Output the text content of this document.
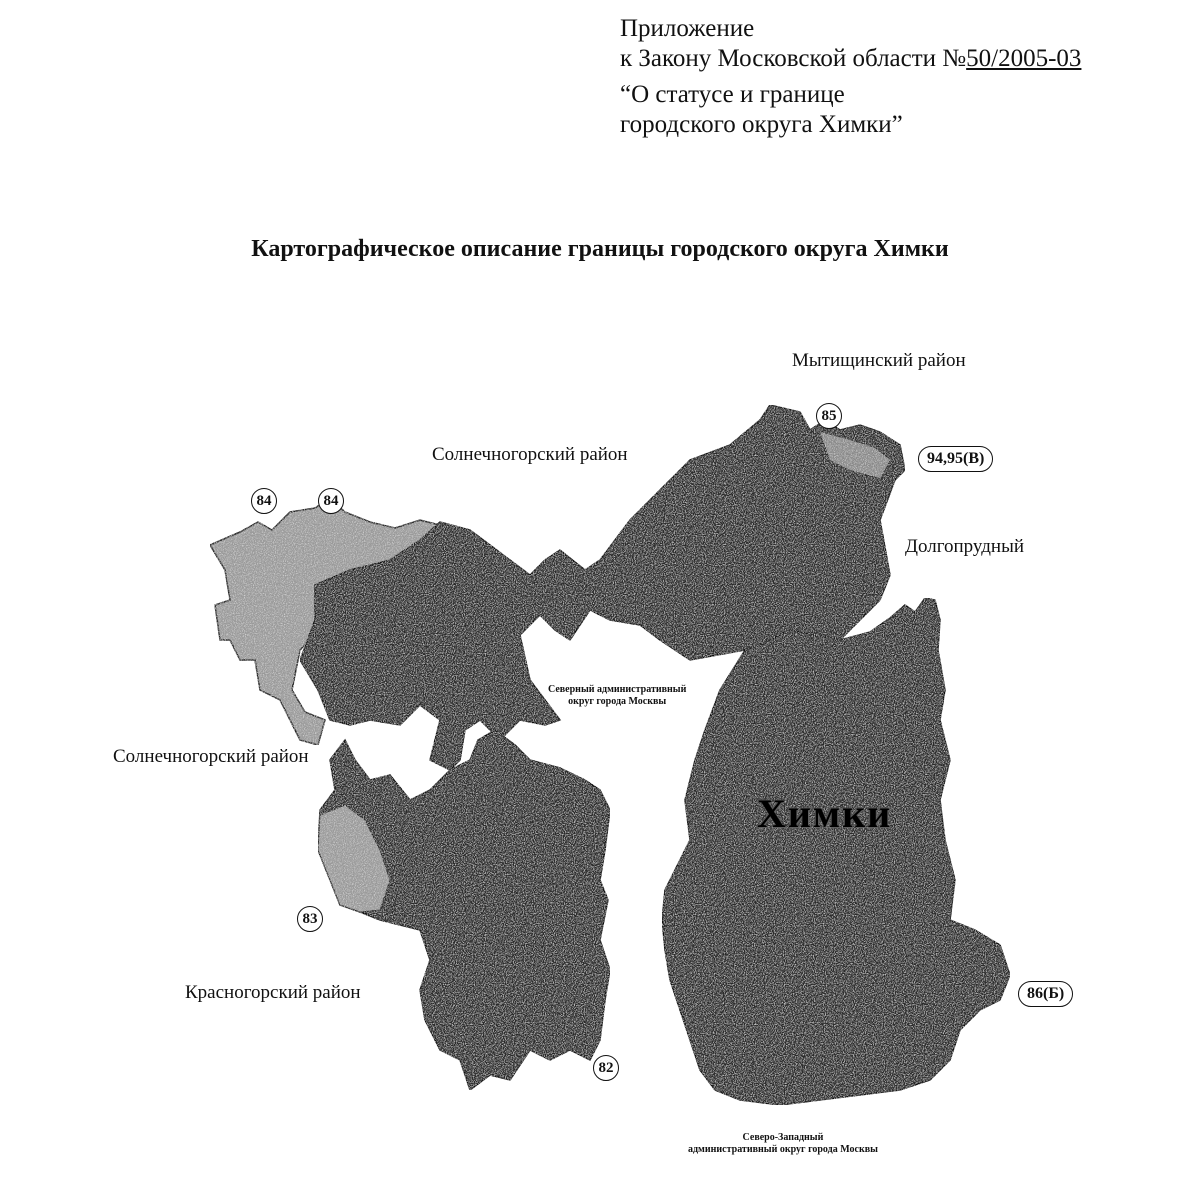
Приложение
к Закону Московской области №50/2005-03
“О статусе и границе
городского округа Химки”
Картографическое описание границы городского округа Химки
Мытищинский район
Солнечногорский район
Долгопрудный
Солнечногорский район
Красногорский район
Северный административный
округ города Москвы
Северо-Западный
административный округ города Москвы
Химки
85
94,95(В)
84	84
83
82
86(Б)
